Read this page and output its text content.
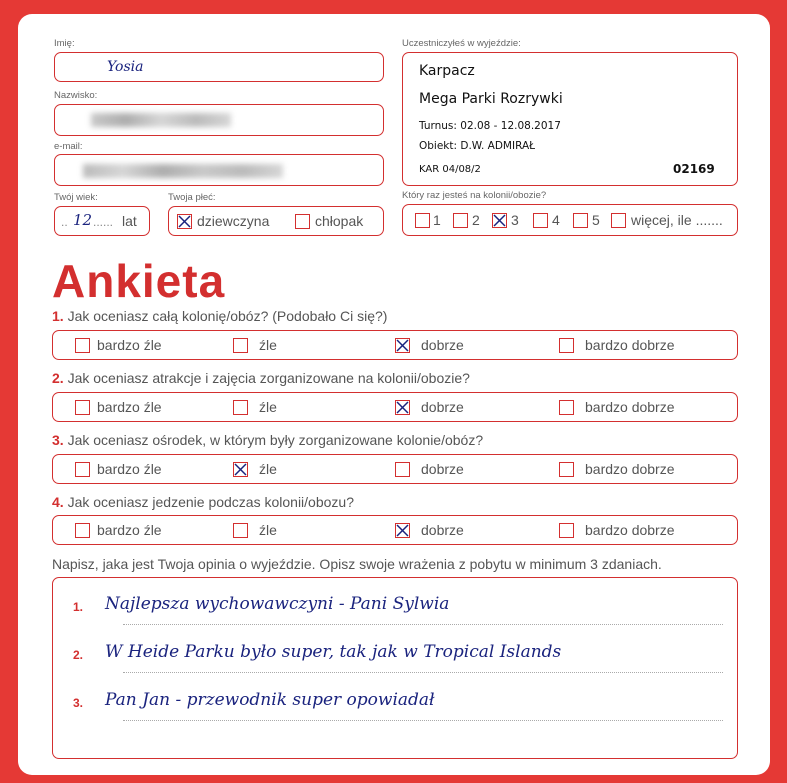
Imię:
Yosia
Nazwisko:
e-mail:
Twój wiek:
.. 12 ...... lat
Twoja płeć:
dziewczyna	chłopak
Uczestniczyłeś w wyjeździe:
Karpacz
Mega Parki Rozrywki
Turnus: 02.08 - 12.08.2017
Obiekt: D.W. ADMIRAŁ
KAR 04/08/2	02169
Który raz jesteś na kolonii/obozie?
1 2 3 4 5 więcej, ile .......
Ankieta
1. Jak oceniasz całą kolonię/obóz? (Podobało Ci się?)
bardzo źle	źle	dobrze	bardzo dobrze
2. Jak oceniasz atrakcje i zajęcia zorganizowane na kolonii/obozie?
bardzo źle	źle	dobrze	bardzo dobrze
3. Jak oceniasz ośrodek, w którym były zorganizowane kolonie/obóz?
bardzo źle	źle	dobrze	bardzo dobrze
4. Jak oceniasz jedzenie podczas kolonii/obozu?
bardzo źle	źle	dobrze	bardzo dobrze
Napisz, jaka jest Twoja opinia o wyjeździe. Opisz swoje wrażenia z pobytu w minimum 3 zdaniach.
1. Najlepsza wychowawczyni - Pani Sylwia
2. W Heide Parku było super, tak jak w Tropical Islands
3. Pan Jan - przewodnik super opowiadał
